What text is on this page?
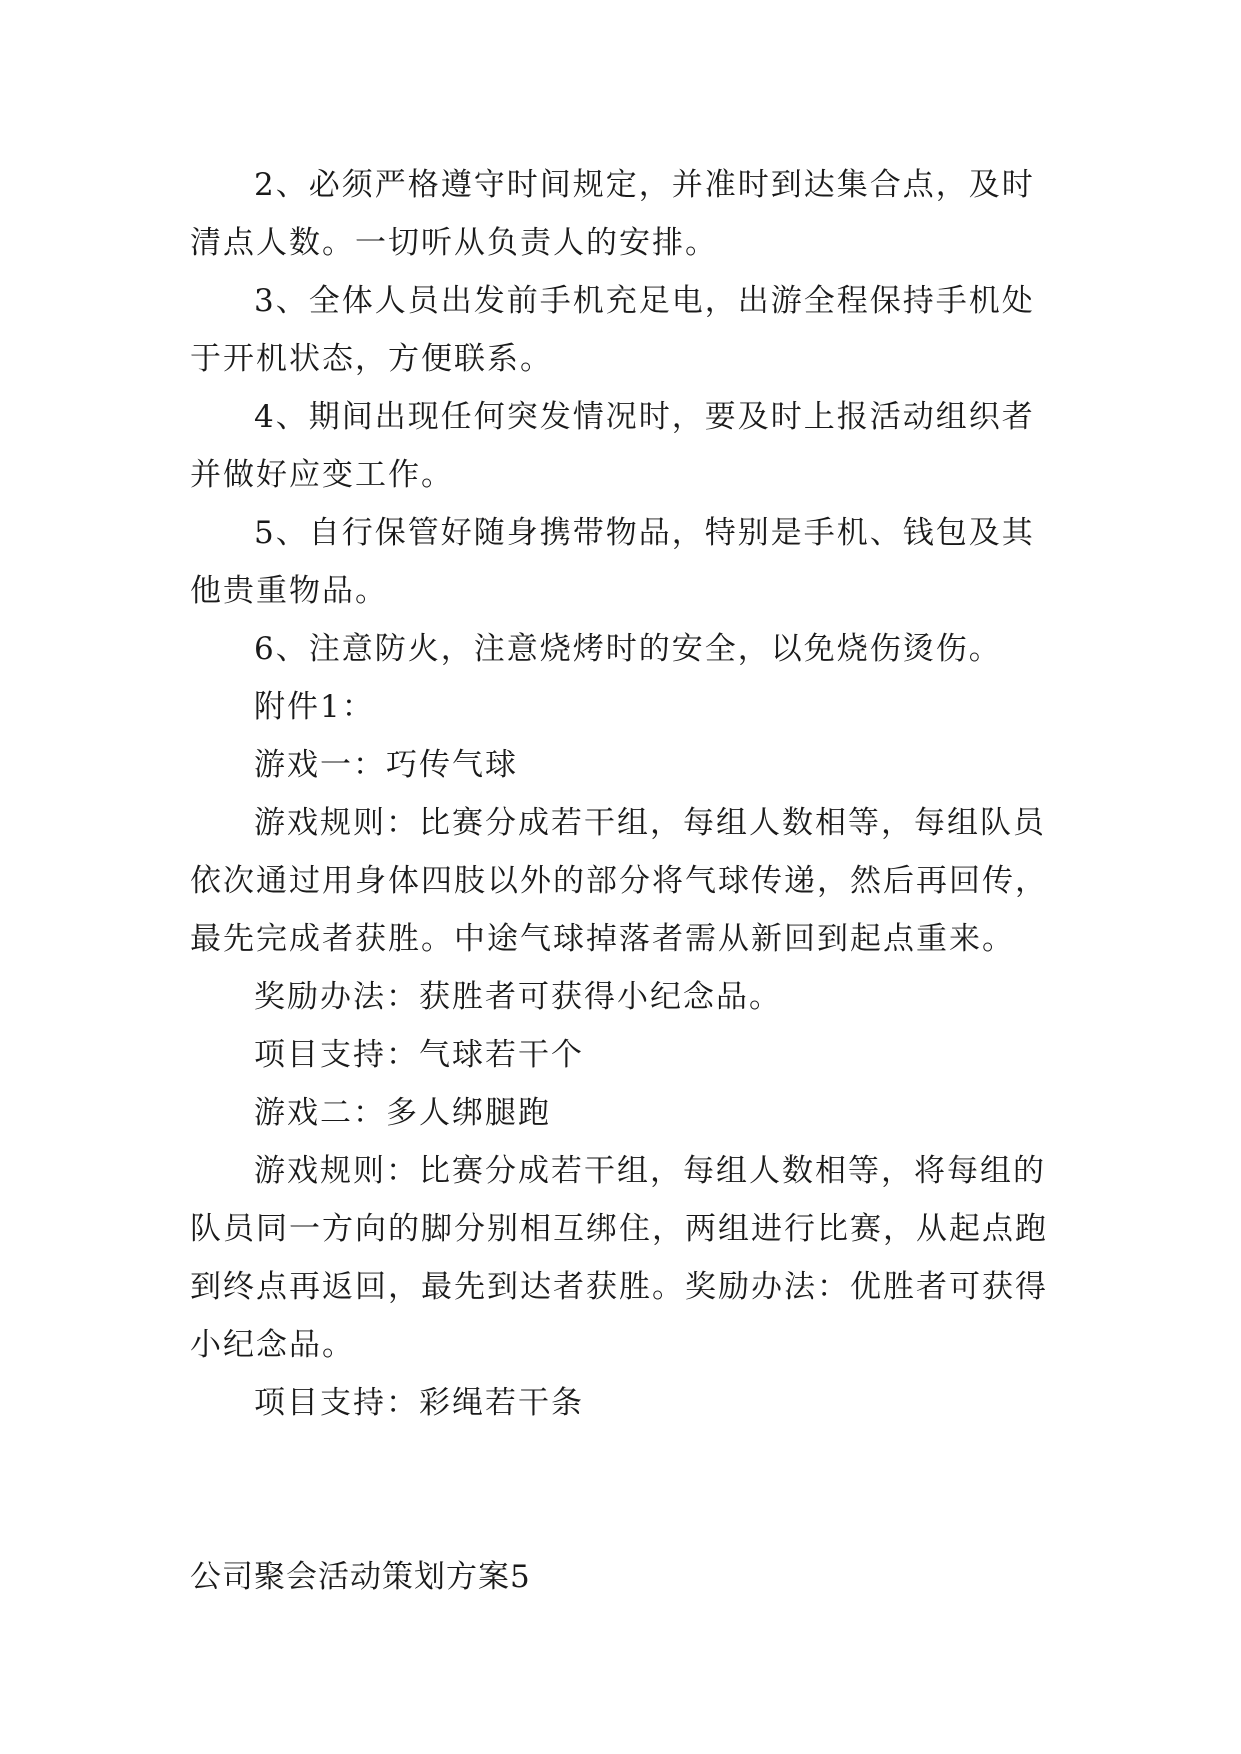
2、必须严格遵守时间规定，并准时到达集合点，及时
清点人数。一切听从负责人的安排。

3、全体人员出发前手机充足电，出游全程保持手机处
于开机状态，方便联系。

4、期间出现任何突发情况时，要及时上报活动组织者
并做好应变工作。

5、自行保管好随身携带物品，特别是手机、钱包及其
他贵重物品。

6、注意防火，注意烧烤时的安全，以免烧伤烫伤。

附件1：

游戏一：巧传气球

游戏规则：比赛分成若干组，每组人数相等，每组队员
依次通过用身体四肢以外的部分将气球传递，然后再回传，
最先完成者获胜。中途气球掉落者需从新回到起点重来。

奖励办法：获胜者可获得小纪念品。

项目支持：气球若干个

游戏二：多人绑腿跑

游戏规则：比赛分成若干组，每组人数相等，将每组的
队员同一方向的脚分别相互绑住，两组进行比赛，从起点跑
到终点再返回，最先到达者获胜。奖励办法：优胜者可获得
小纪念品。

项目支持：彩绳若干条

公司聚会活动策划方案5
